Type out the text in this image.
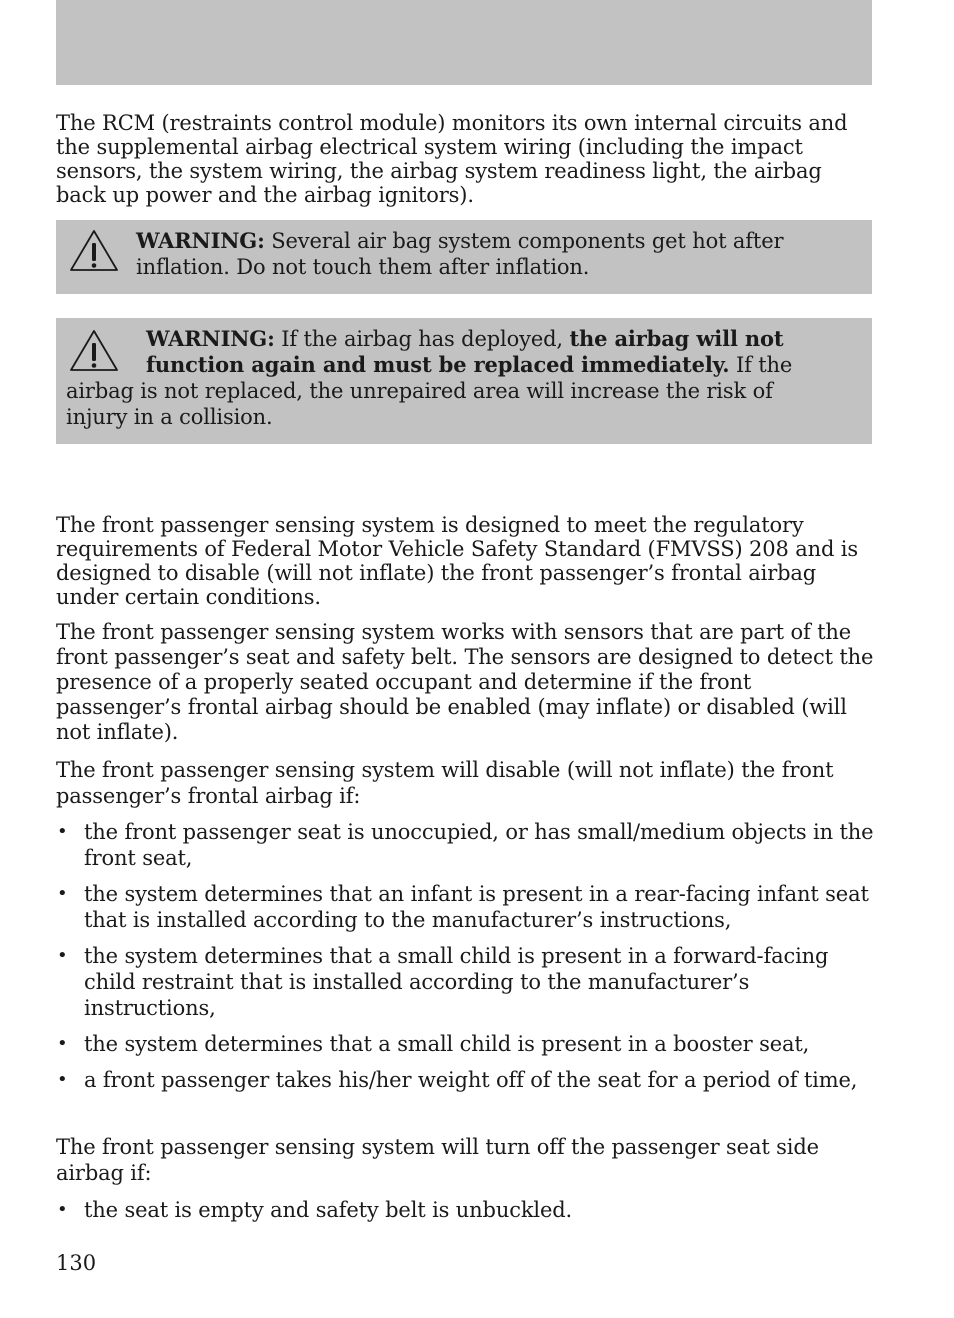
The RCM (restraints control module) monitors its own internal circuits and the supplemental airbag electrical system wiring (including the impact sensors, the system wiring, the airbag system readiness light, the airbag back up power and the airbag ignitors).

WARNING: Several air bag system components get hot after inflation. Do not touch them after inflation.

WARNING: If the airbag has deployed, the airbag will not function again and must be replaced immediately. If the airbag is not replaced, the unrepaired area will increase the risk of injury in a collision.

The front passenger sensing system is designed to meet the regulatory requirements of Federal Motor Vehicle Safety Standard (FMVSS) 208 and is designed to disable (will not inflate) the front passenger’s frontal airbag under certain conditions.

The front passenger sensing system works with sensors that are part of the front passenger’s seat and safety belt. The sensors are designed to detect the presence of a properly seated occupant and determine if the front passenger’s frontal airbag should be enabled (may inflate) or disabled (will not inflate).

The front passenger sensing system will disable (will not inflate) the front passenger’s frontal airbag if:

• the front passenger seat is unoccupied, or has small/medium objects in the front seat,
• the system determines that an infant is present in a rear-facing infant seat that is installed according to the manufacturer’s instructions,
• the system determines that a small child is present in a forward-facing child restraint that is installed according to the manufacturer’s instructions,
• the system determines that a small child is present in a booster seat,
• a front passenger takes his/her weight off of the seat for a period of time,

The front passenger sensing system will turn off the passenger seat side airbag if:

• the seat is empty and safety belt is unbuckled.
130
